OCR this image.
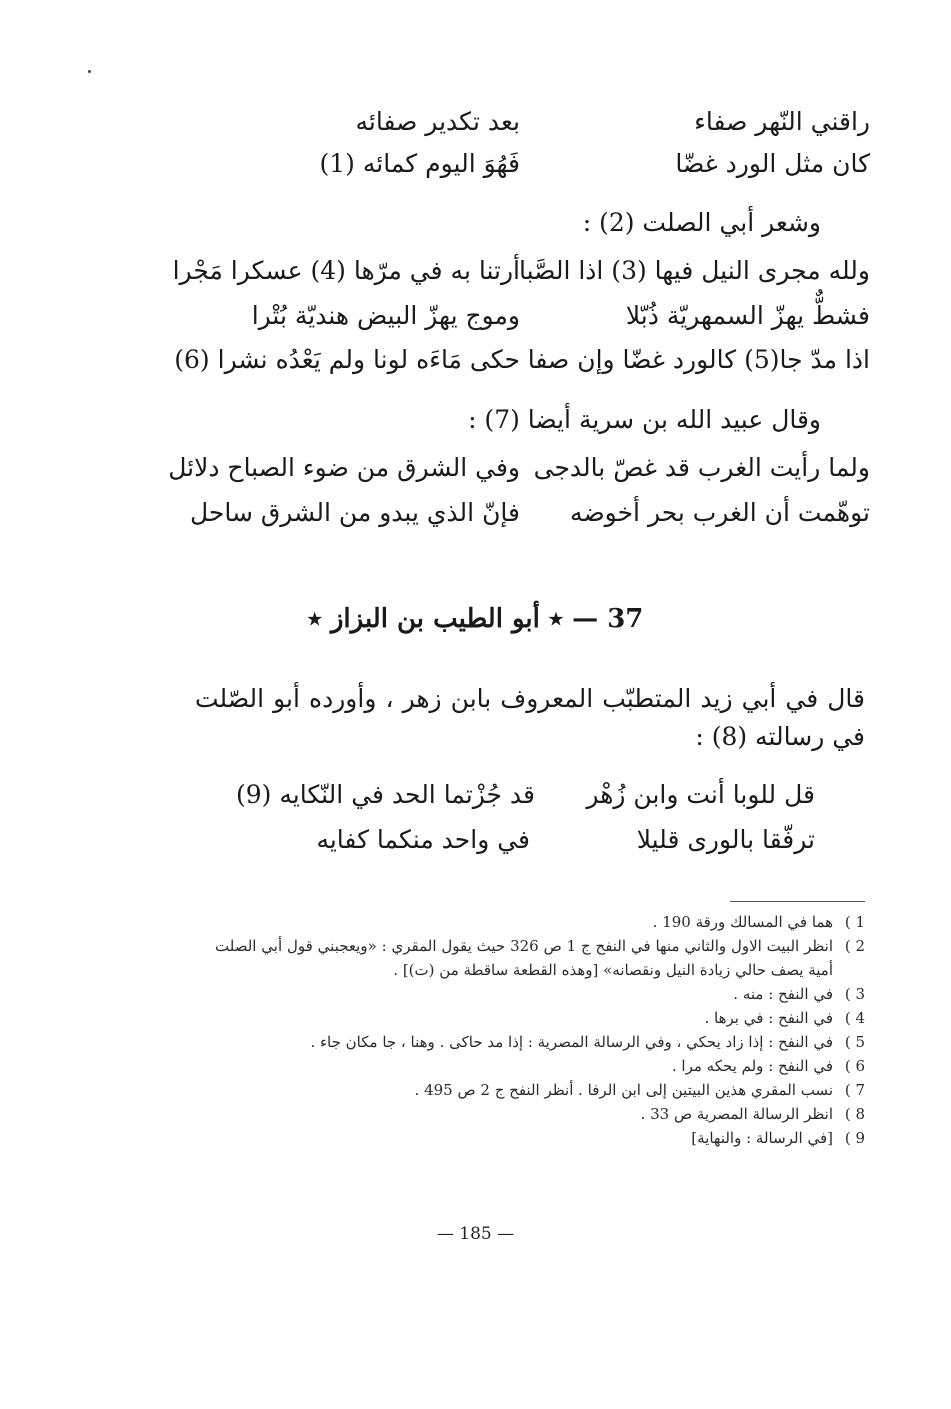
راقني النّهر صفاء
بعد تكدير صفائه
كان مثل الورد غضّا
فَهُوَ اليوم كمائه (1)
وشعر أبي الصلت (2) :
ولله مجرى النيل فيها (3) اذا الصَّبا
أرتنا به في مرّها (4) عسكرا مَجْرا
فشطٌّ يهزّ السمهريّة ذُبّلا
وموج يهزّ البيض هنديّة بُتْرا
اذا مدّ جا(5) كالورد غضّا وإن صفا
حكى مَاءَه لونا ولم يَعْدُه نشرا (6)
وقال عبيد الله بن سرية أيضا (7) :
ولما رأيت الغرب قد غصّ بالدجى
وفي الشرق من ضوء الصباح دلائل
توهّمت أن الغرب بحر أخوضه
فإنّ الذي يبدو من الشرق ساحل
37 — ٭ أبو الطيب بن البزاز ٭
قال في أبي زيد المتطبّب المعروف بابن زهر ، وأورده أبو الصّلت في رسالته (8) :
قل للوبا أنت وابن زُهْر
قد جُزْتما الحد في النّكايه (9)
ترفّقا بالورى قليلا
في واحد منكما كفايه
1 )
هما في المسالك ورقة 190 .
2 )
انظر البيت الاول والثاني منها في النفح ج 1 ص 326 حيث يقول المقري : «ويعجبني قول أبي الصلت أمية يصف حالي زيادة النيل ونقصانه» [وهذه القطعة ساقطة من (ت)] .
3 )
في النفح : منه .
4 )
في النفح : في برها .
5 )
في النفح : إذا زاد يحكي ، وفي الرسالة المصرية : إذا مد حاكى . وهنا ، جا مكان جاء .
6 )
في النفح : ولم يحكه مرا .
7 )
نسب المقري هذين البيتين إلى ابن الرفا . أنظر النفح ج 2 ص 495 .
8 )
انظر الرسالة المصرية ص 33 .
9 )
[في الرسالة : والنهاية]
— 185 —
